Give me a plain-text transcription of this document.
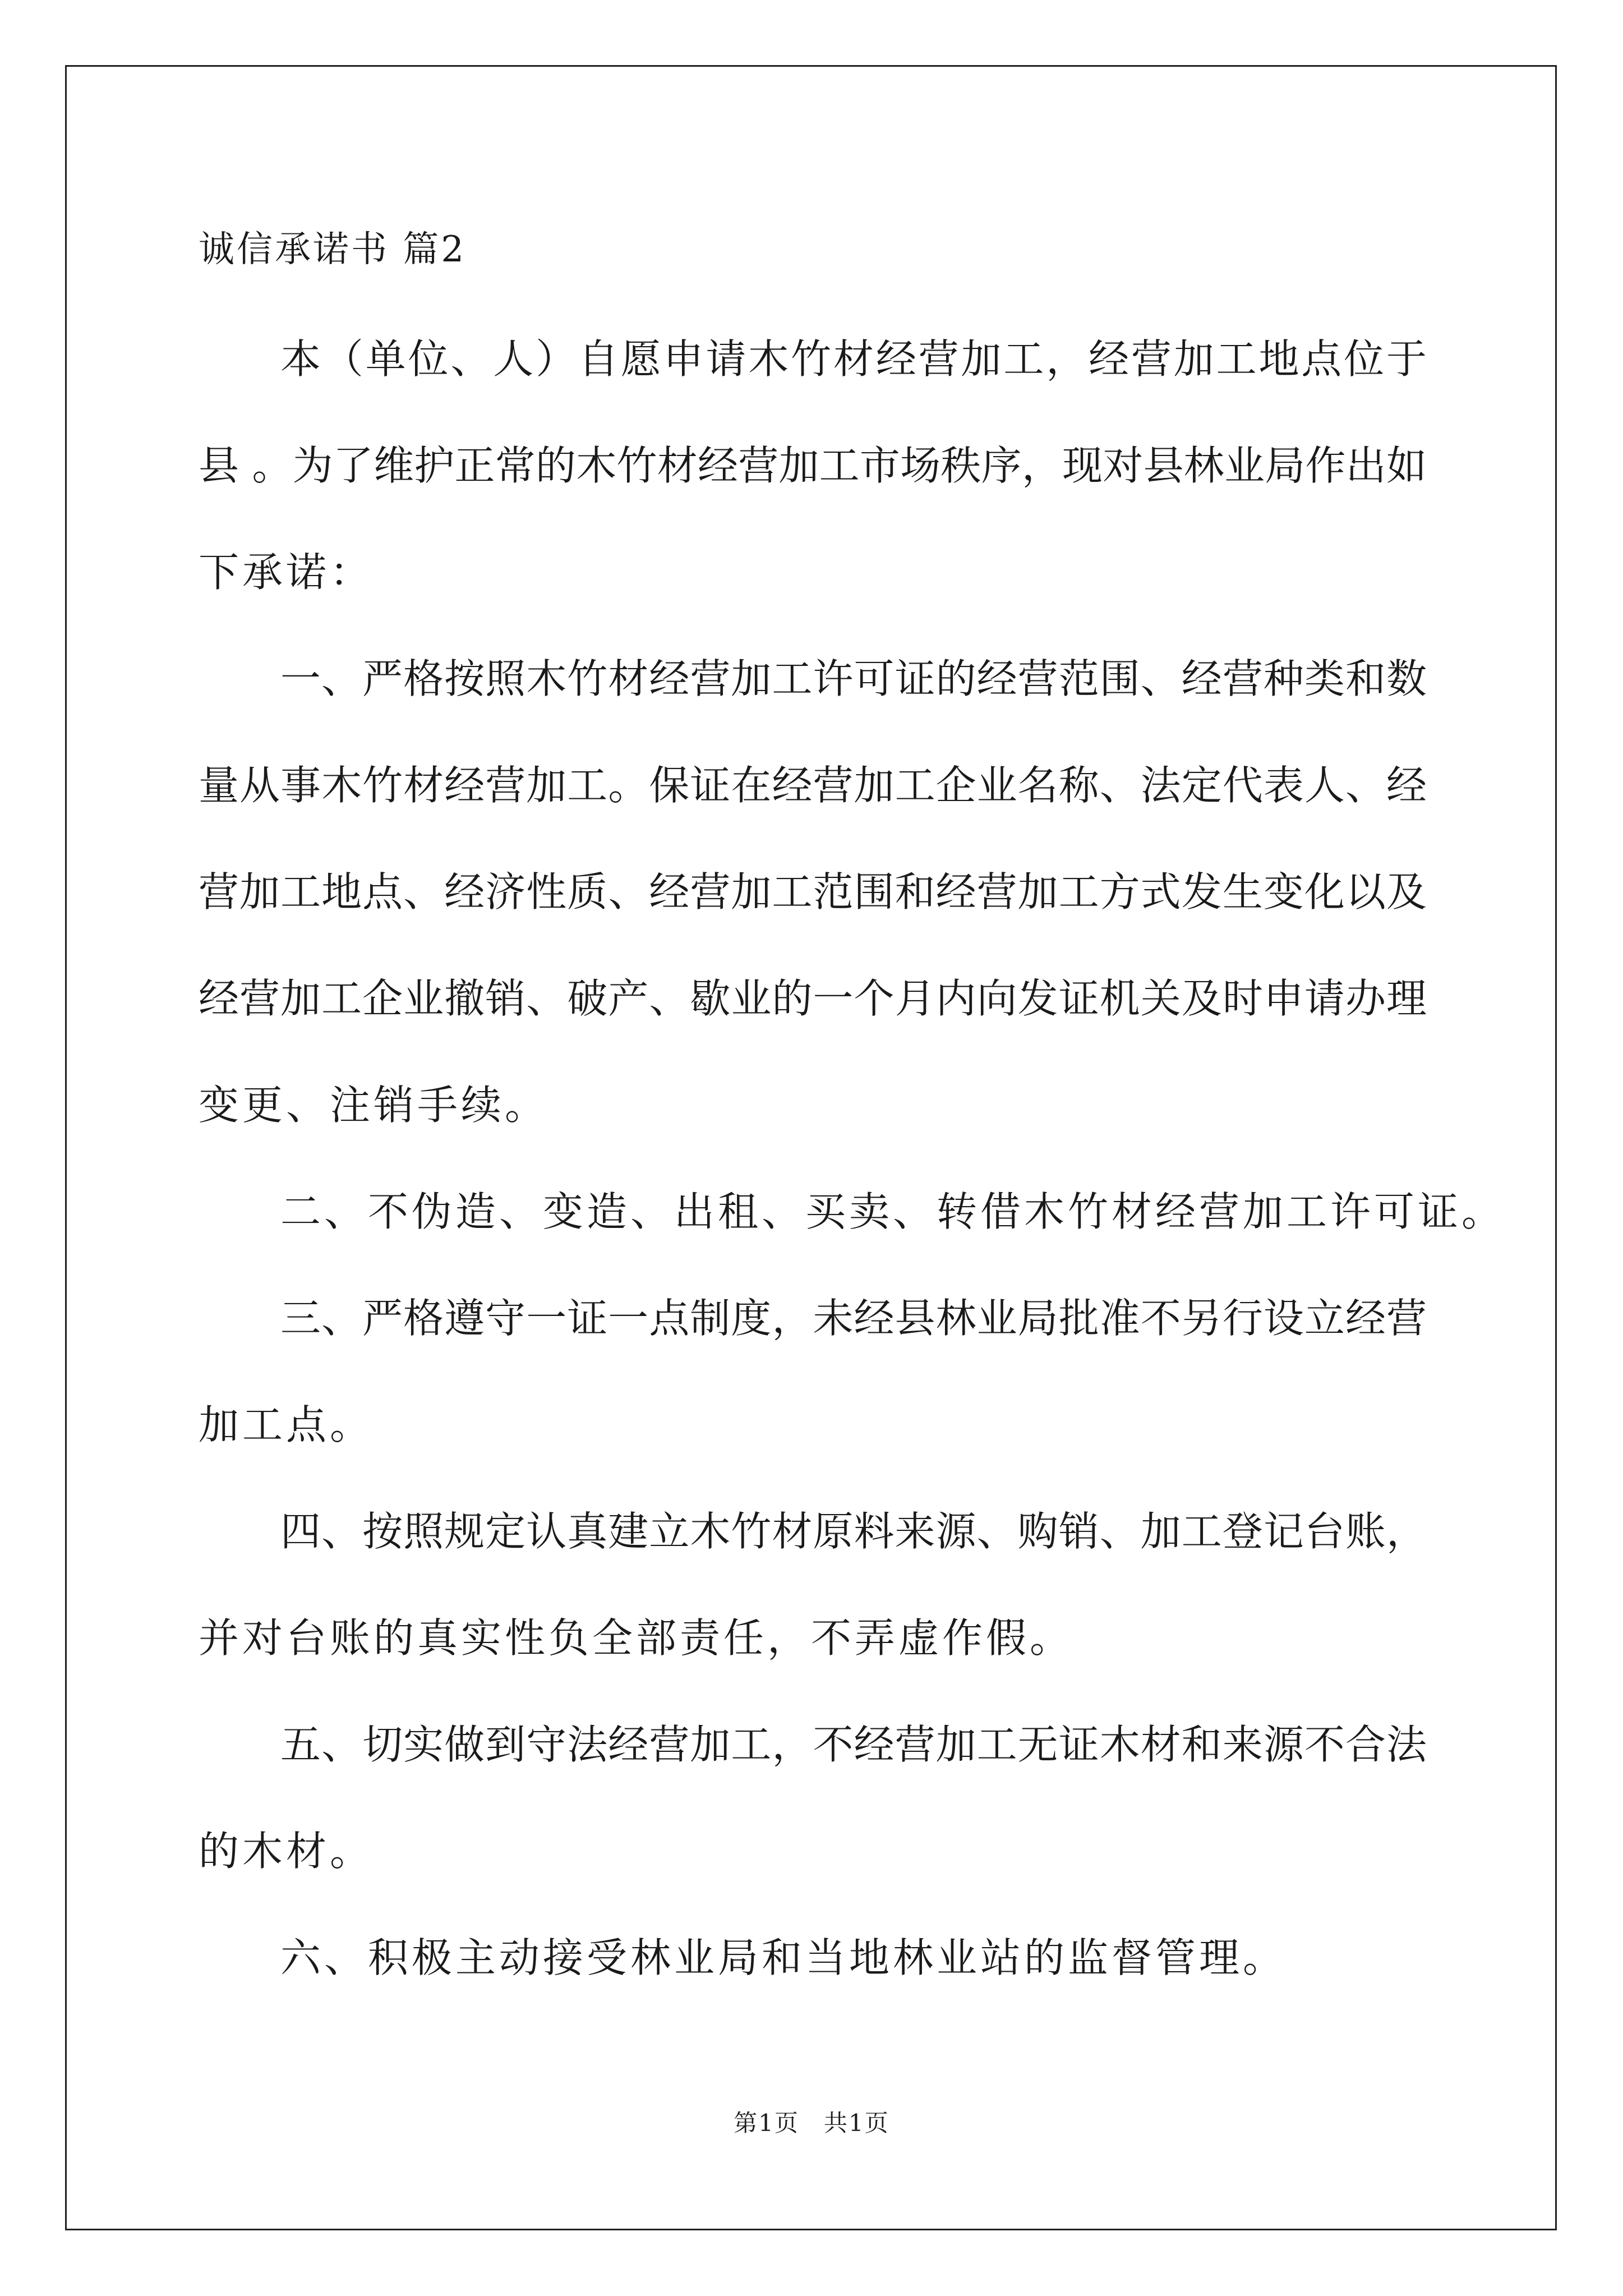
诚信承诺书 篇2
本（单位、人）自愿申请木竹材经营加工，经营加工地点位于
县 。为了维护正常的木竹材经营加工市场秩序，现对县林业局作出如
下承诺：
一、严格按照木竹材经营加工许可证的经营范围、经营种类和数
量从事木竹材经营加工。保证在经营加工企业名称、法定代表人、经
营加工地点、经济性质、经营加工范围和经营加工方式发生变化以及
经营加工企业撤销、破产、歇业的一个月内向发证机关及时申请办理
变更、注销手续。
二、不伪造、变造、出租、买卖、转借木竹材经营加工许可证。
三、严格遵守一证一点制度，未经县林业局批准不另行设立经营
加工点。
四、按照规定认真建立木竹材原料来源、购销、加工登记台账，
并对台账的真实性负全部责任，不弄虚作假。
五、切实做到守法经营加工，不经营加工无证木材和来源不合法
的木材。
六、积极主动接受林业局和当地林业站的监督管理。
第1页　共1页
